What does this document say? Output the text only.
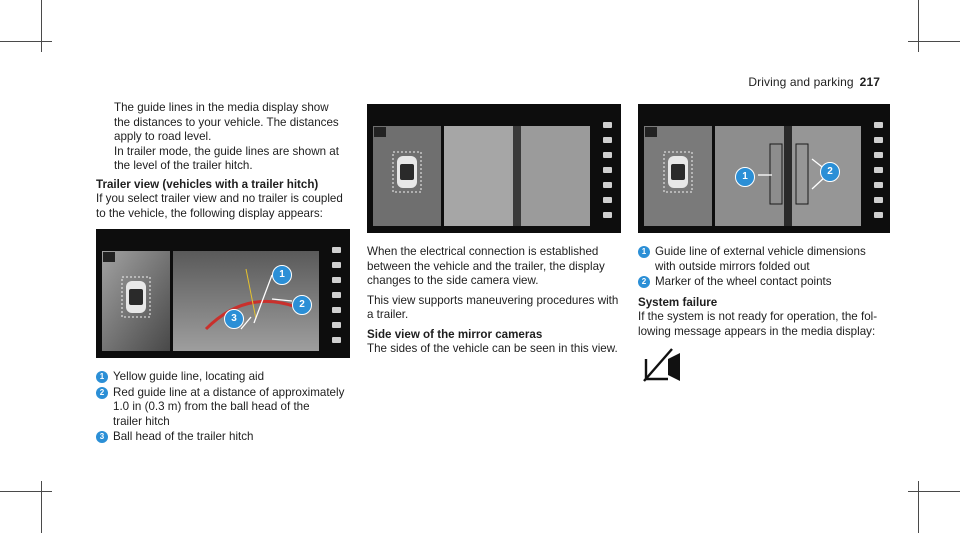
Driving and parking 217

The guide lines in the media display show

the distances to your vehicle. The distances

apply to road level.

In trailer mode, the guide lines are shown at

the level of the trailer hitch.

Trailer view (vehicles with a trailer hitch)

If you select trailer view and no trailer is coupled

to the vehicle, the following display appears:

1
2
3
1 Yellow guide line, locating aid

2 Red guide line at a distance of approximately

1.0 in (0.3 m) from the ball head of the

trailer hitch

3 Ball head of the trailer hitch

When the electrical connection is established

between the vehicle and the trailer, the display

changes to the side camera view.

This view supports maneuvering procedures with

a trailer.

Side view of the mirror cameras

The sides of the vehicle can be seen in this view.

1	2
1 Guide line of external vehicle dimensions

with outside mirrors folded out

2 Marker of the wheel contact points

System failure

If the system is not ready for operation, the fol-

lowing message appears in the media display:
